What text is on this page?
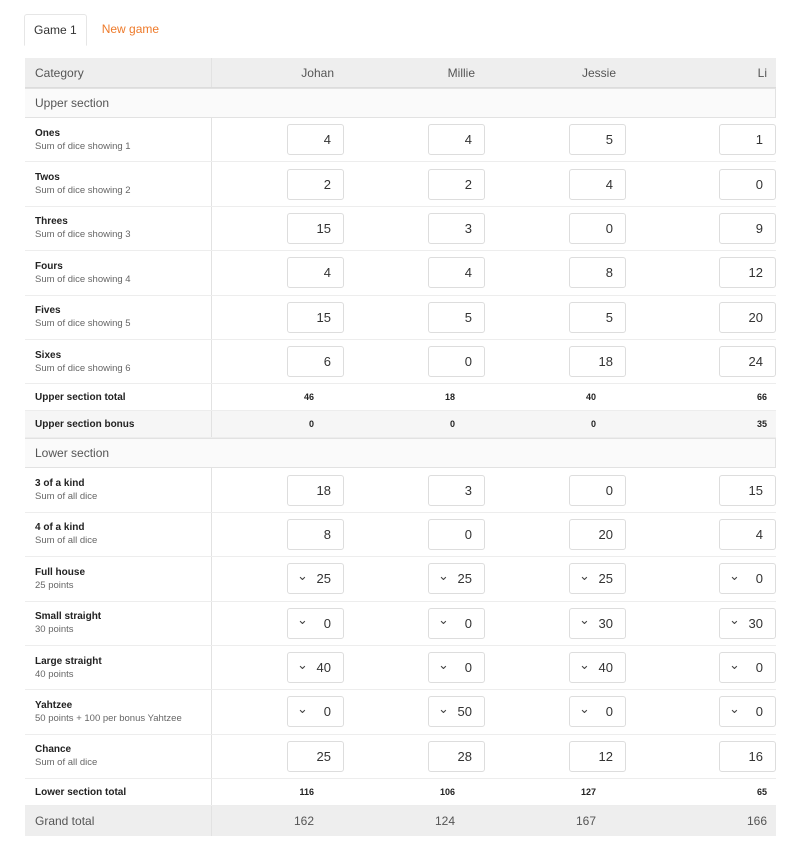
Game 1	New game
Category	Johan	Millie	Jessie	Li
Upper section
Ones
Sum of dice showing 1	4	4	5	1
Twos
Sum of dice showing 2	2	2	4	0
Threes
Sum of dice showing 3	15	3	0	9
Fours
Sum of dice showing 4	4	4	8	12
Fives
Sum of dice showing 5	15	5	5	20
Sixes
Sum of dice showing 6	6	0	18	24
Upper section total	46	18	40	66
Upper section bonus	0	0	0	35
Lower section
3 of a kind
Sum of all dice	18	3	0	15
4 of a kind
Sum of all dice	8	0	20	4
Full house
25 points
⌄ 25	⌄ 25	⌄ 25	⌄ 0
Small straight
30 points
⌄ 0	⌄ 0	⌄ 30	⌄ 30
Large straight
40 points
⌄ 40	⌄ 0	⌄ 40	⌄ 0
Yahtzee
50 points + 100 per bonus Yahtzee
⌄ 0	⌄ 50	⌄ 0	⌄ 0
Chance
Sum of all dice	25	28	12	16
Lower section total	116	106	127	65
Grand total	162	124	167	166
